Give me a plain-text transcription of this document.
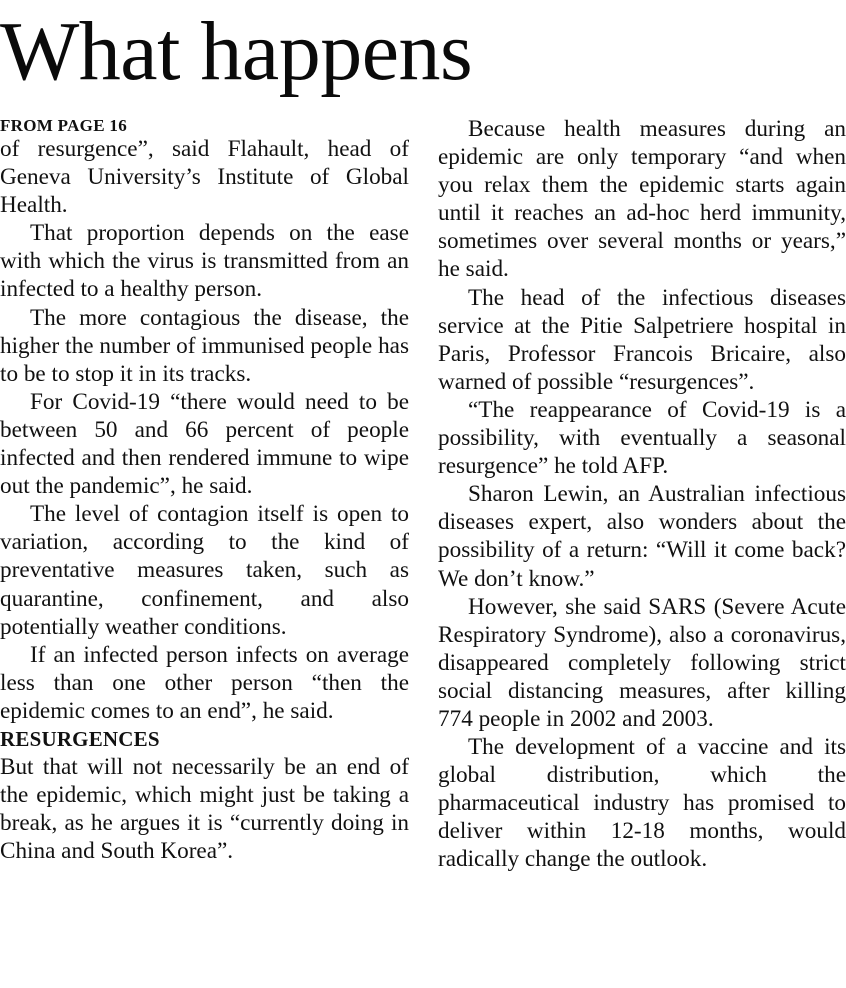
What happens
FROM PAGE 16

of resurgence”, said Flahault, head of Geneva University’s Institute of Global Health.

That proportion depends on the ease with which the virus is transmitted from an infected to a healthy person.

The more contagious the disease, the higher the number of immunised people has to be to stop it in its tracks.

For Covid-19 “there would need to be between 50 and 66 percent of people infected and then rendered immune to wipe out the pandemic”, he said.

The level of contagion itself is open to variation, according to the kind of preventative measures taken, such as quarantine, confinement, and also potentially weather conditions.

If an infected person infects on average less than one other person “then the epidemic comes to an end”, he said.

RESURGENCES

But that will not necessarily be an end of the epidemic, which might just be taking a break, as he argues it is “currently doing in China and South Korea”.

Because health measures during an epidemic are only temporary “and when you relax them the epidemic starts again until it reaches an ad-hoc herd immunity, sometimes over several months or years,” he said.

The head of the infectious diseases service at the Pitie Salpetriere hospital in Paris, Professor Francois Bricaire, also warned of possible “resurgences”.

“The reappearance of Covid-19 is a possibility, with eventually a seasonal resurgence” he told AFP.

Sharon Lewin, an Australian infectious diseases expert, also wonders about the possibility of a return: “Will it come back? We don’t know.”

However, she said SARS (Severe Acute Respiratory Syndrome), also a coronavirus, disappeared completely following strict social distancing measures, after killing 774 people in 2002 and 2003.

The development of a vaccine and its global distribution, which the pharmaceutical industry has promised to deliver within 12-18 months, would radically change the outlook.
